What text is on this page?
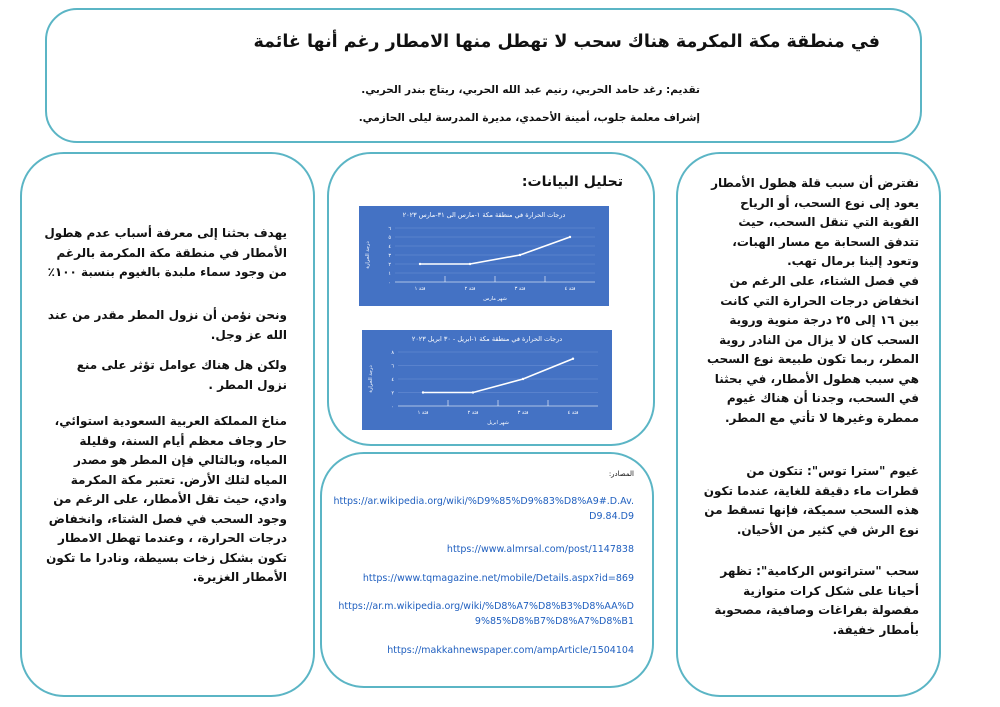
في منطقة مكة المكرمة هناك سحب لا تهطل منها الامطار رغم أنها غائمة
تقديم: رغد حامد الحربي، رنيم عبد الله الحربي، ريتاج بندر الحربي.
إشراف معلمة جلوب، أمينة الأحمدي، مديرة المدرسة ليلى الحازمي.
نفترض أن سبب قلة هطول الأمطار يعود إلى نوع السحب، أو الرياح القوية التي تنقل السحب، حيث تتدفق السحابة مع مسار الهبات، وتعود إلينا برمال تهب.
في فصل الشتاء، على الرغم من انخفاض درجات الحرارة التي كانت بين ١٦ إلى ٢٥ درجة منوية وروية السحب كان لا يزال من النادر روية المطر، ربما تكون طبيعة نوع السحب هي سبب هطول الأمطار، في بحثنا في السحب، وجدنا أن هناك غيوم ممطرة وغيرها لا تأتي مع المطر.
غيوم "سترا توس": تتكون من قطرات ماء دقيقة للغاية، عندما تكون هذه السحب سميكة، فإنها تسقط من نوع الرش في كثير من الأحيان.
سحب "ستراتوس الركامية": تظهر أحيانا على شكل كرات متوازية مفصولة بفراغات وصافية، مصحوبة بأمطار خفيفة.
تحليل البيانات:
درجات الحرارة في منطقة مكة ١-مارس الى ٣١-مارس ٢٠٢٣
٠
١
٢
٣
٤
٥
٦
فئة ١	فئة ٢	فئة ٣	فئة ٤
شهر مارس
درجة الحرارة
درجات الحرارة في منطقة مكة ١-ابريل - ٣٠ ابريل ٢٠٢٣
٠
٢
٤
٦
٨
فئة ١	فئة ٢	فئة ٣	فئة ٤
شهر ابريل
درجة الحرارة
المصادر:
https://ar.wikipedia.org/wiki/%D9%85%D9%83%D8%A9#.D.Av.D9.84.D9
https://www.almrsal.com/post/1147838
https://www.tqmagazine.net/mobile/Details.aspx?id=869
https://ar.m.wikipedia.org/wiki/%D8%A7%D8%B3%D8%AA%D9%85%D8%B7%D8%A7%D8%B1
https://makkahnewspaper.com/ampArticle/1504104
يهدف بحثنا إلى معرفة أسباب عدم هطول الأمطار في منطقة مكة المكرمة بالرغم من وجود سماء ملبدة بالغيوم بنسبة ١٠٠٪
ونحن نؤمن أن نزول المطر مقدر من عند الله عز وجل.
ولكن هل هناك عوامل تؤثر على منع نزول المطر .
مناخ المملكة العربية السعودية استوائي، حار وجاف معظم أيام السنة، وقليلة المياه، وبالتالي فإن المطر هو مصدر المياه لتلك الأرض. تعتبر مكة المكرمة وادي، حيث تقل الأمطار، على الرغم من وجود السحب في فصل الشتاء، وانخفاض درجات الحرارة، ، وعندما تهطل الامطار تكون بشكل زخات بسيطة، ونادرا ما تكون الأمطار الغزيرة.
